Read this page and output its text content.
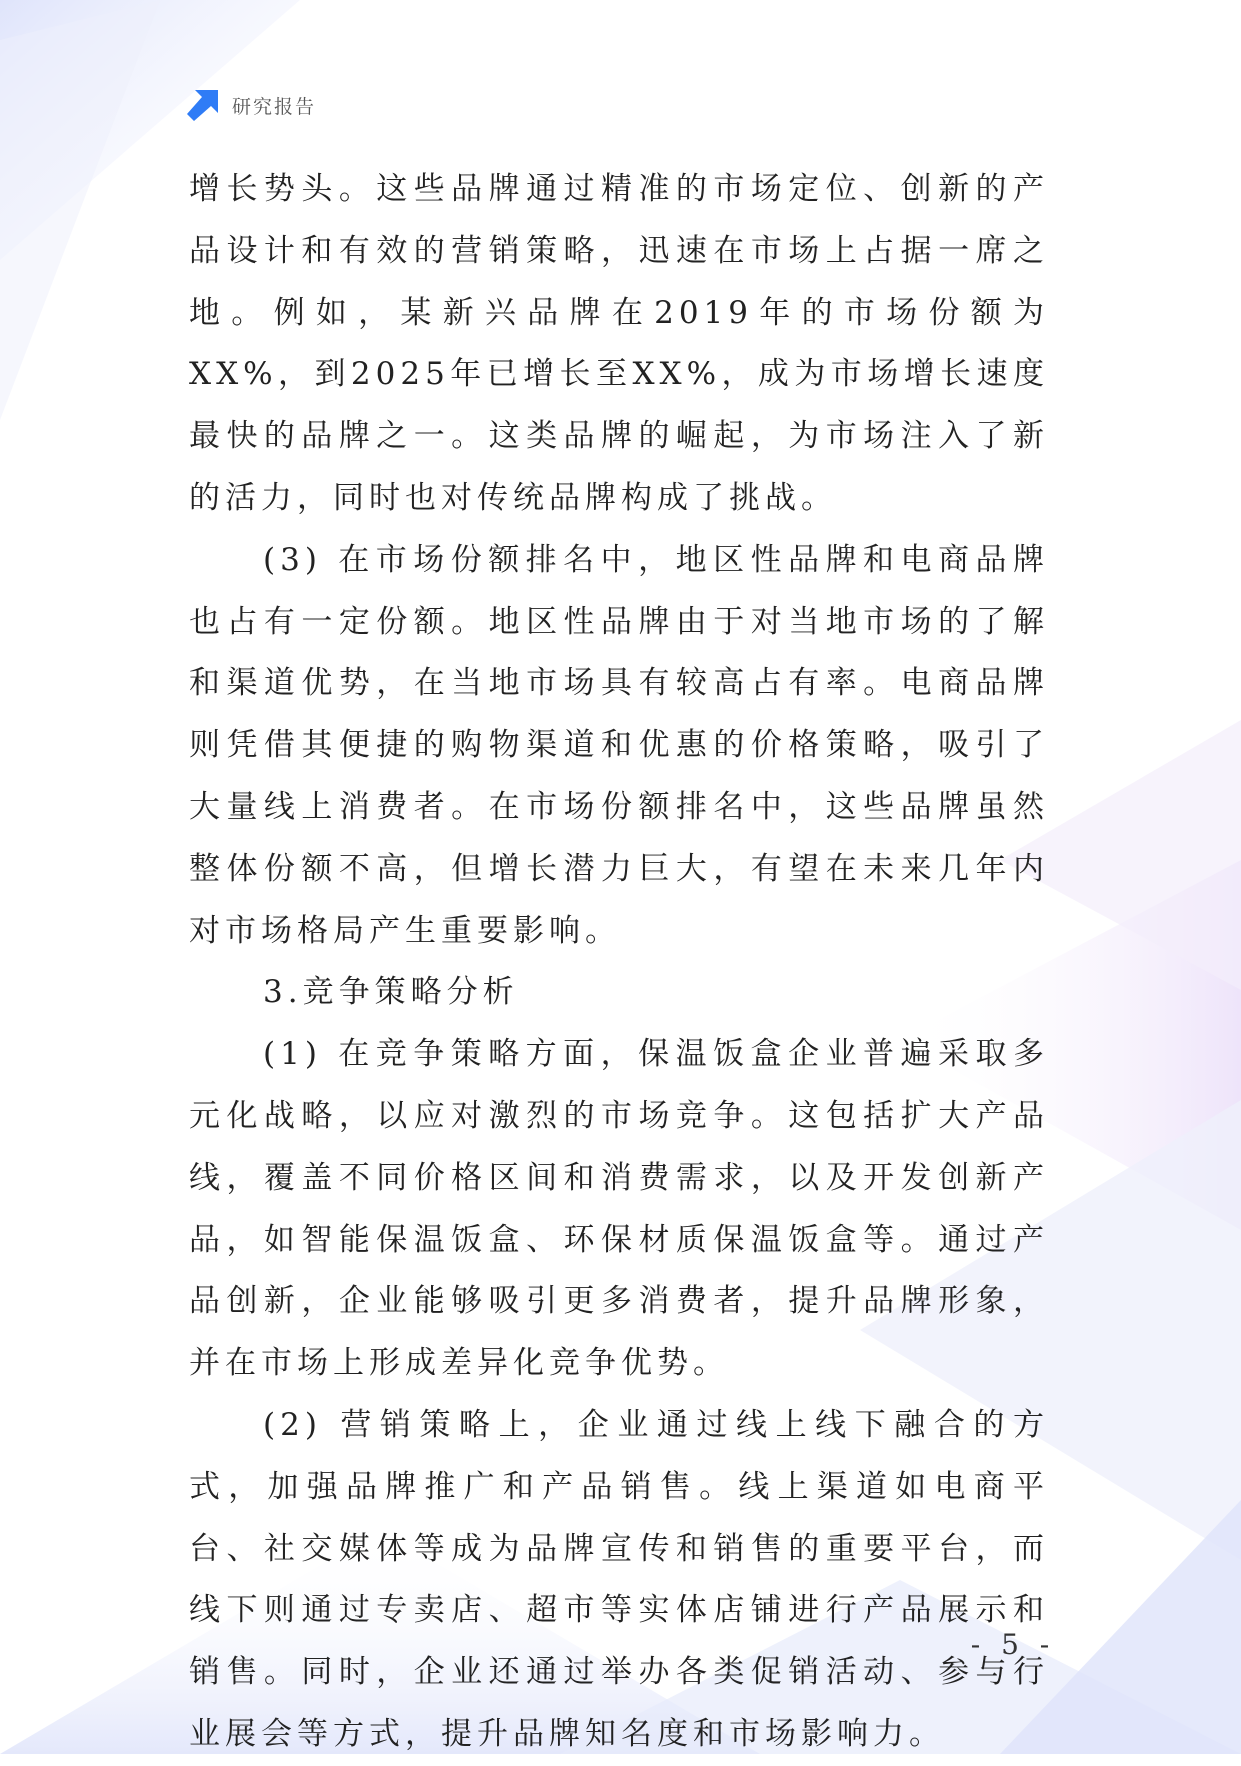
研究报告

增长势头。这些品牌通过精准的市场定位、创新的产品设计和有效的营销策略，迅速在市场上占据一席之地。例如，某新兴品牌在2019年的市场份额为XX%，到2025年已增长至XX%，成为市场增长速度最快的品牌之一。这类品牌的崛起，为市场注入了新的活力，同时也对传统品牌构成了挑战。

(3) 在市场份额排名中，地区性品牌和电商品牌也占有一定份额。地区性品牌由于对当地市场的了解和渠道优势，在当地市场具有较高占有率。电商品牌则凭借其便捷的购物渠道和优惠的价格策略，吸引了大量线上消费者。在市场份额排名中，这些品牌虽然整体份额不高，但增长潜力巨大，有望在未来几年内对市场格局产生重要影响。

3.竞争策略分析

(1) 在竞争策略方面，保温饭盒企业普遍采取多元化战略，以应对激烈的市场竞争。这包括扩大产品线，覆盖不同价格区间和消费需求，以及开发创新产品，如智能保温饭盒、环保材质保温饭盒等。通过产品创新，企业能够吸引更多消费者，提升品牌形象，并在市场上形成差异化竞争优势。

(2) 营销策略上，企业通过线上线下融合的方式，加强品牌推广和产品销售。线上渠道如电商平台、社交媒体等成为品牌宣传和销售的重要平台，而线下则通过专卖店、超市等实体店铺进行产品展示和销售。同时，企业还通过举办各类促销活动、参与行业展会等方式，提升品牌知名度和市场影响力。

- 5 -
